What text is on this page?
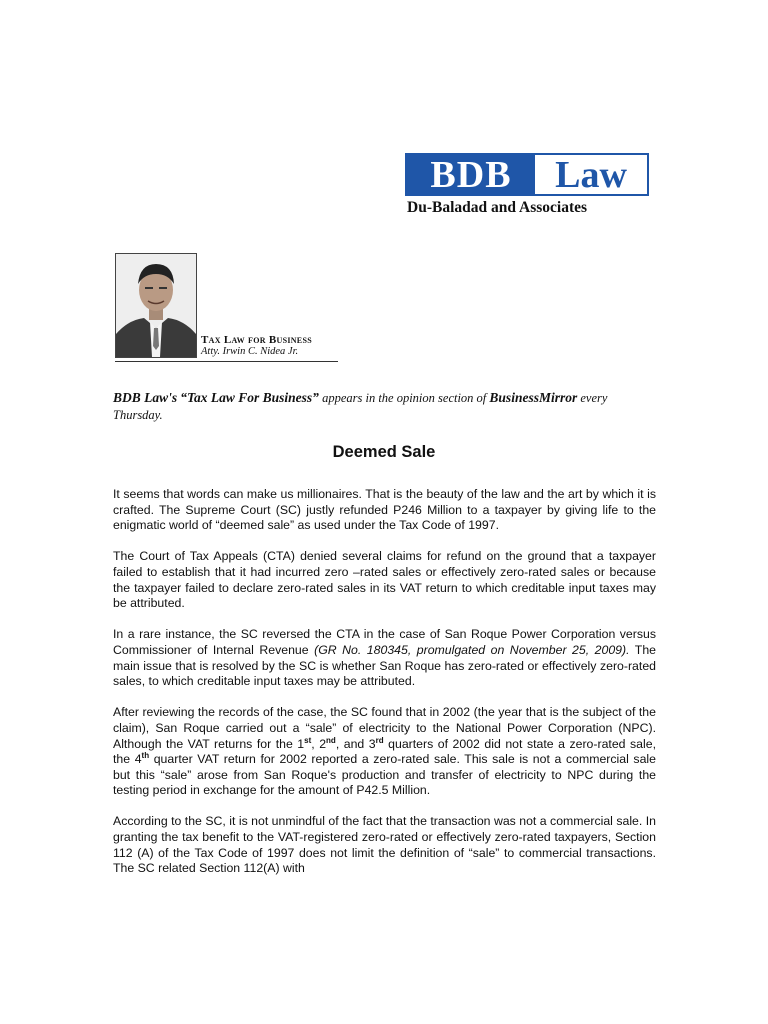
BDB	Law
Du-Baladad and Associates
Tax Law for Business
Atty. Irwin C. Nidea Jr.
BDB Law's “Tax Law For Business” appears in the opinion section of BusinessMirror every Thursday.
Deemed Sale

It seems that words can make us millionaires. That is the beauty of the law and the art by which it is crafted. The Supreme Court (SC) justly refunded P246 Million to a taxpayer by giving life to the enigmatic world of “deemed sale” as used under the Tax Code of 1997.

The Court of Tax Appeals (CTA) denied several claims for refund on the ground that a taxpayer failed to establish that it had incurred zero –rated sales or effectively zero-rated sales or because the taxpayer failed to declare zero-rated sales in its VAT return to which creditable input taxes may be attributed.

In a rare instance, the SC reversed the CTA in the case of San Roque Power Corporation versus Commissioner of Internal Revenue (GR No. 180345, promulgated on November 25, 2009). The main issue that is resolved by the SC is whether San Roque has zero-rated or effectively zero-rated sales, to which creditable input taxes may be attributed.

After reviewing the records of the case, the SC found that in 2002 (the year that is the subject of the claim), San Roque carried out a “sale” of electricity to the National Power Corporation (NPC). Although the VAT returns for the 1st, 2nd, and 3rd quarters of 2002 did not state a zero-rated sale, the 4th quarter VAT return for 2002 reported a zero-rated sale. This sale is not a commercial sale but this “sale” arose from San Roque's production and transfer of electricity to NPC during the testing period in exchange for the amount of P42.5 Million.

According to the SC, it is not unmindful of the fact that the transaction was not a commercial sale. In granting the tax benefit to the VAT-registered zero-rated or effectively zero-rated taxpayers, Section 112 (A) of the Tax Code of 1997 does not limit the definition of “sale” to commercial transactions. The SC related Section 112(A) with
